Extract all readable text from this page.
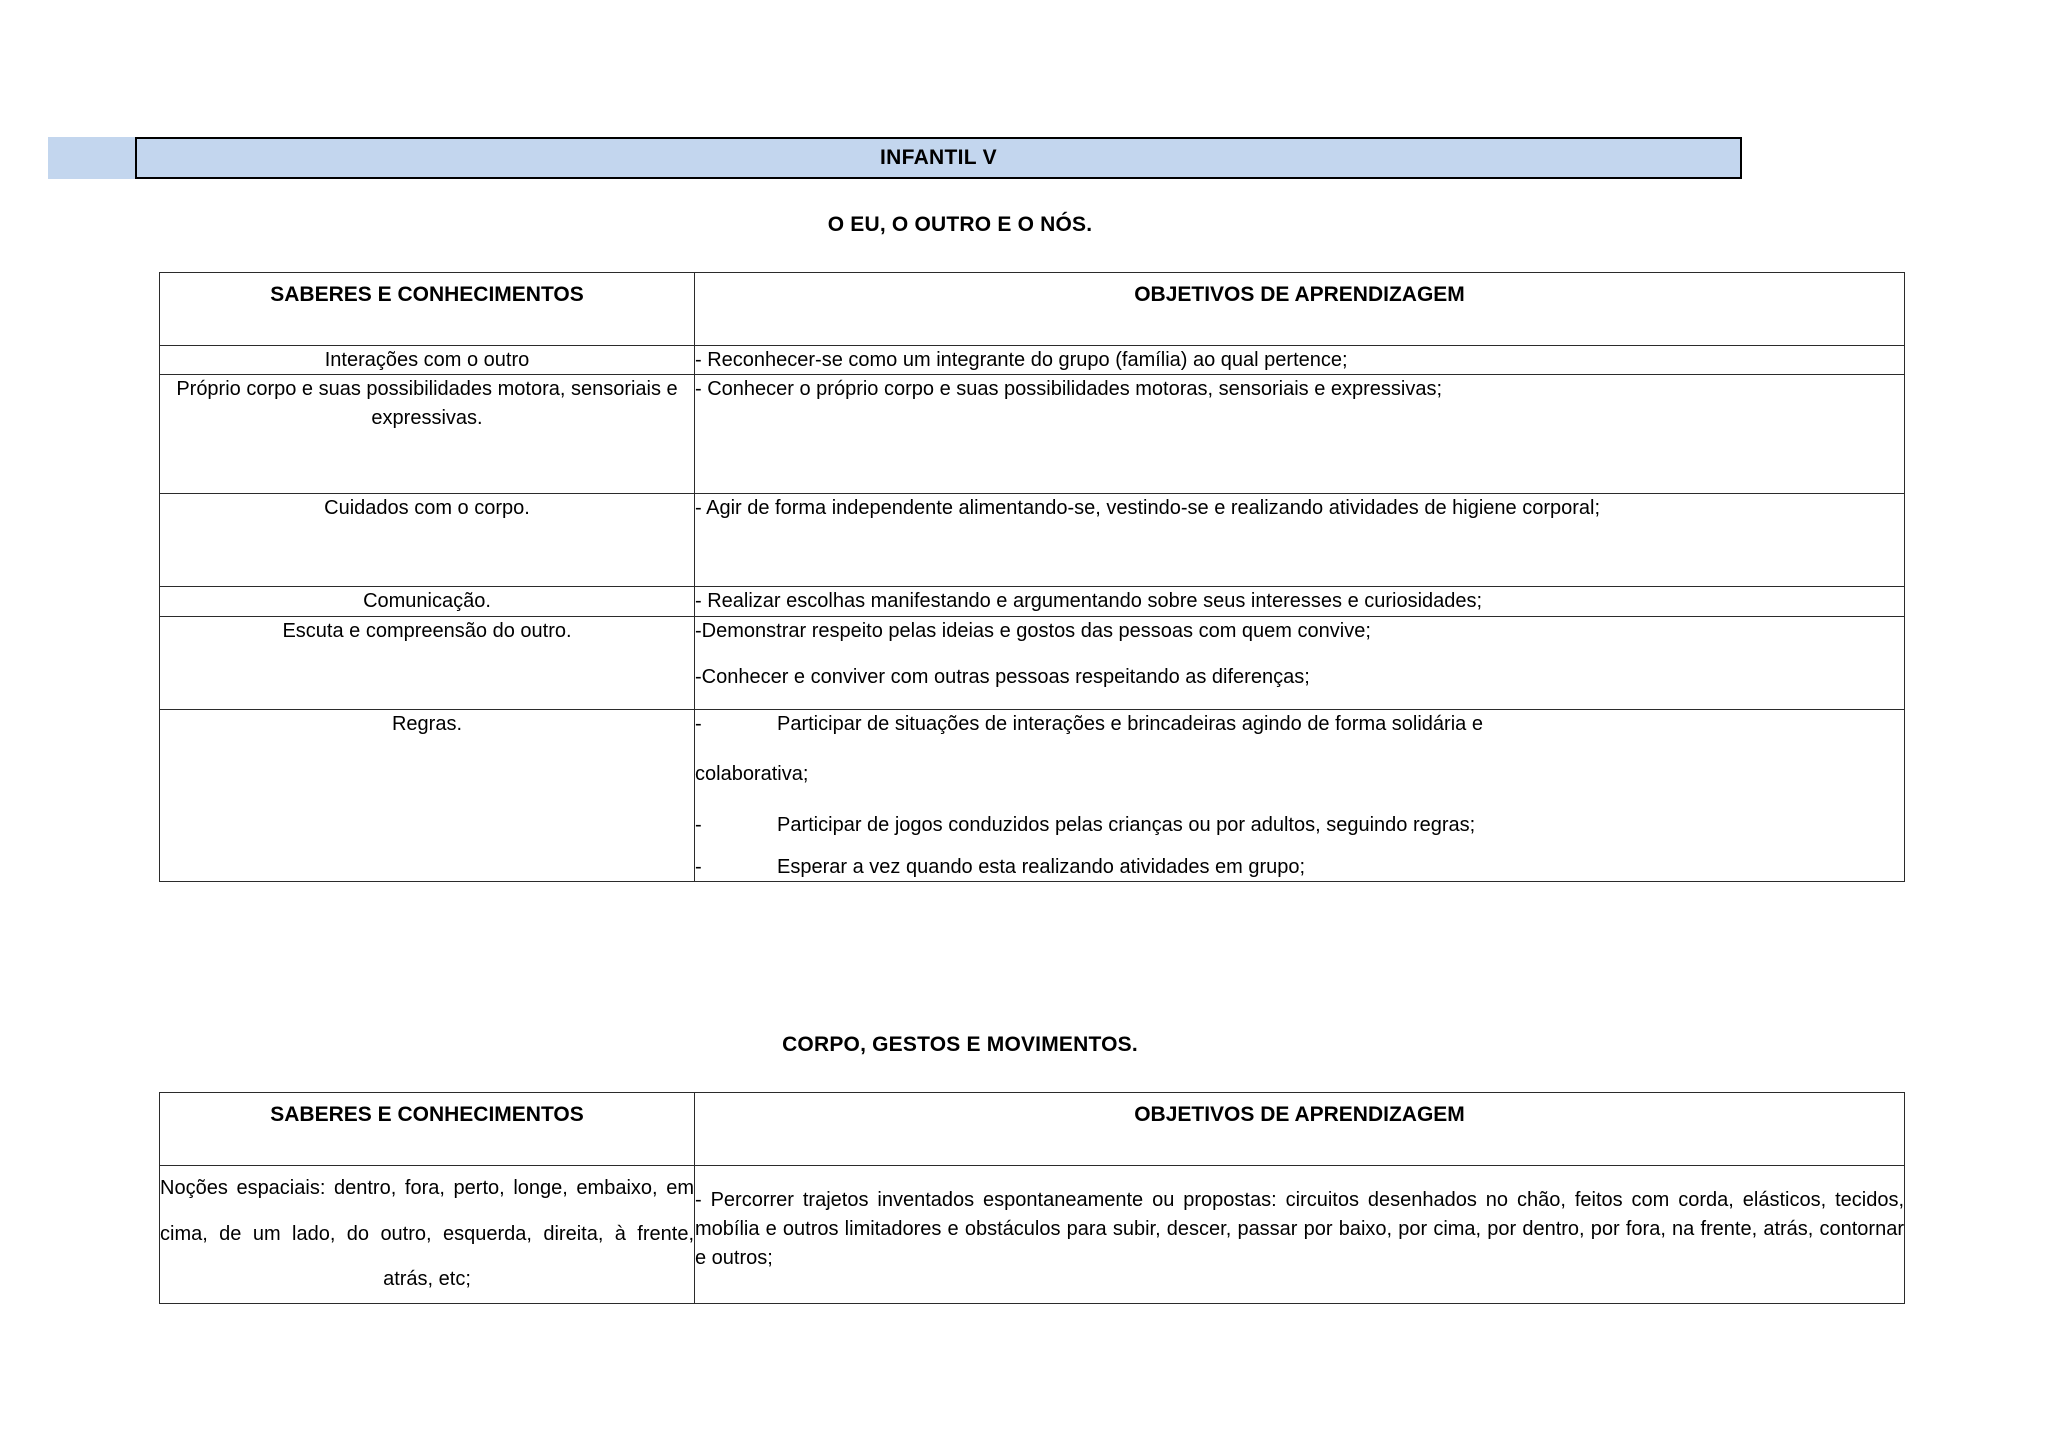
INFANTIL V
O EU, O OUTRO E O NÓS.
SABERES E CONHECIMENTOS	OBJETIVOS DE APRENDIZAGEM
Interações com o outro	- Reconhecer-se como um integrante do grupo (família) ao qual pertence;

Próprio corpo e suas possibilidades motora, sensoriais e expressivas.	- Conhecer o próprio corpo e suas possibilidades motoras, sensoriais e expressivas;

Cuidados com o corpo.	- Agir de forma independente alimentando-se, vestindo-se e realizando atividades de higiene corporal;

Comunicação.	- Realizar escolhas manifestando e argumentando sobre seus interesses e curiosidades;

Escuta e compreensão do outro.	-Demonstrar respeito pelas ideias e gostos das pessoas com quem convive;

-Conhecer e conviver com outras pessoas respeitando as diferenças;

Regras.	- Participar de situações de interações e brincadeiras agindo de forma solidária e

colaborativa;

- Participar de jogos conduzidos pelas crianças ou por adultos, seguindo regras;

- Esperar a vez quando esta realizando atividades em grupo;

CORPO, GESTOS E MOVIMENTOS.
SABERES E CONHECIMENTOS	OBJETIVOS DE APRENDIZAGEM
Noções espaciais: dentro, fora, perto, longe, embaixo, em cima, de um lado, do outro, esquerda, direita, à frente, atrás, etc;	- Percorrer trajetos inventados espontaneamente ou propostas: circuitos desenhados no chão, feitos com corda, elásticos, tecidos, mobília e outros limitadores e obstáculos para subir, descer, passar por baixo, por cima, por dentro, por fora, na frente, atrás, contornar e outros;
